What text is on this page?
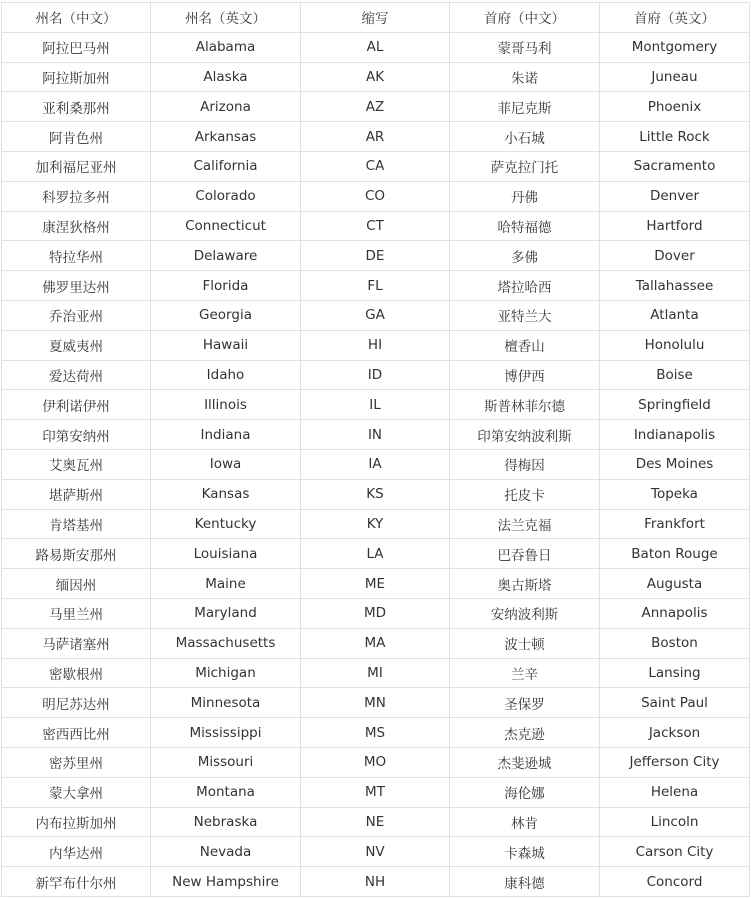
州名（中文）	州名（英文）	缩写	首府（中文）	首府（英文）
阿拉巴马州	Alabama	AL	蒙哥马利	Montgomery
阿拉斯加州	Alaska	AK	朱诺	Juneau
亚利桑那州	Arizona	AZ	菲尼克斯	Phoenix
阿肯色州	Arkansas	AR	小石城	Little Rock
加利福尼亚州	California	CA	萨克拉门托	Sacramento
科罗拉多州	Colorado	CO	丹佛	Denver
康涅狄格州	Connecticut	CT	哈特福德	Hartford
特拉华州	Delaware	DE	多佛	Dover
佛罗里达州	Florida	FL	塔拉哈西	Tallahassee
乔治亚州	Georgia	GA	亚特兰大	Atlanta
夏威夷州	Hawaii	HI	檀香山	Honolulu
爱达荷州	Idaho	ID	博伊西	Boise
伊利诺伊州	Illinois	IL	斯普林菲尔德	Springfield
印第安纳州	Indiana	IN	印第安纳波利斯	Indianapolis
艾奥瓦州	Iowa	IA	得梅因	Des Moines
堪萨斯州	Kansas	KS	托皮卡	Topeka
肯塔基州	Kentucky	KY	法兰克福	Frankfort
路易斯安那州	Louisiana	LA	巴吞鲁日	Baton Rouge
缅因州	Maine	ME	奥古斯塔	Augusta
马里兰州	Maryland	MD	安纳波利斯	Annapolis
马萨诸塞州	Massachusetts	MA	波士顿	Boston
密歇根州	Michigan	MI	兰辛	Lansing
明尼苏达州	Minnesota	MN	圣保罗	Saint Paul
密西西比州	Mississippi	MS	杰克逊	Jackson
密苏里州	Missouri	MO	杰斐逊城	Jefferson City
蒙大拿州	Montana	MT	海伦娜	Helena
内布拉斯加州	Nebraska	NE	林肯	Lincoln
内华达州	Nevada	NV	卡森城	Carson City
新罕布什尔州	New Hampshire	NH	康科德	Concord
